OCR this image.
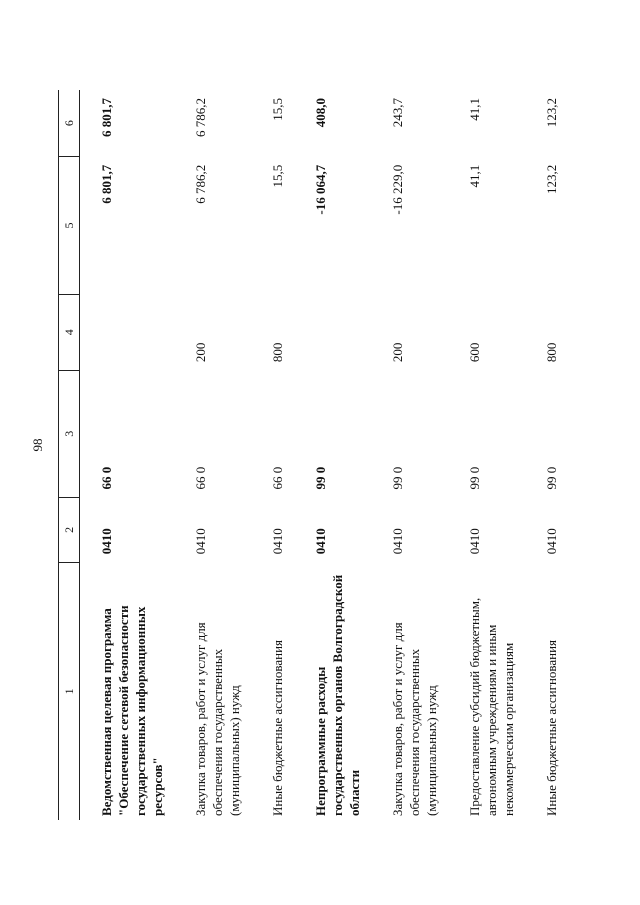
98
1	2	3	4	5	6
Ведомственная целевая программа "Обеспечение сетевой безопасности государственных информационных ресурсов"	0410	66 0		6 801,7	6 801,7
Закупка товаров, работ и услуг для обеспечения государственных (муниципальных) нужд	0410	66 0	200	6 786,2	6 786,2
Иные бюджетные ассигнования	0410	66 0	800	15,5	15,5
Непрограммные расходы государственных органов Волгоградской области	0410	99 0		-16 064,7	408,0
Закупка товаров, работ и услуг для обеспечения государственных (муниципальных) нужд	0410	99 0	200	-16 229,0	243,7
Предоставление субсидий бюджетным, автономным учреждениям и иным некоммерческим организациям	0410	99 0	600	41,1	41,1
Иные бюджетные ассигнования	0410	99 0	800	123,2	123,2
